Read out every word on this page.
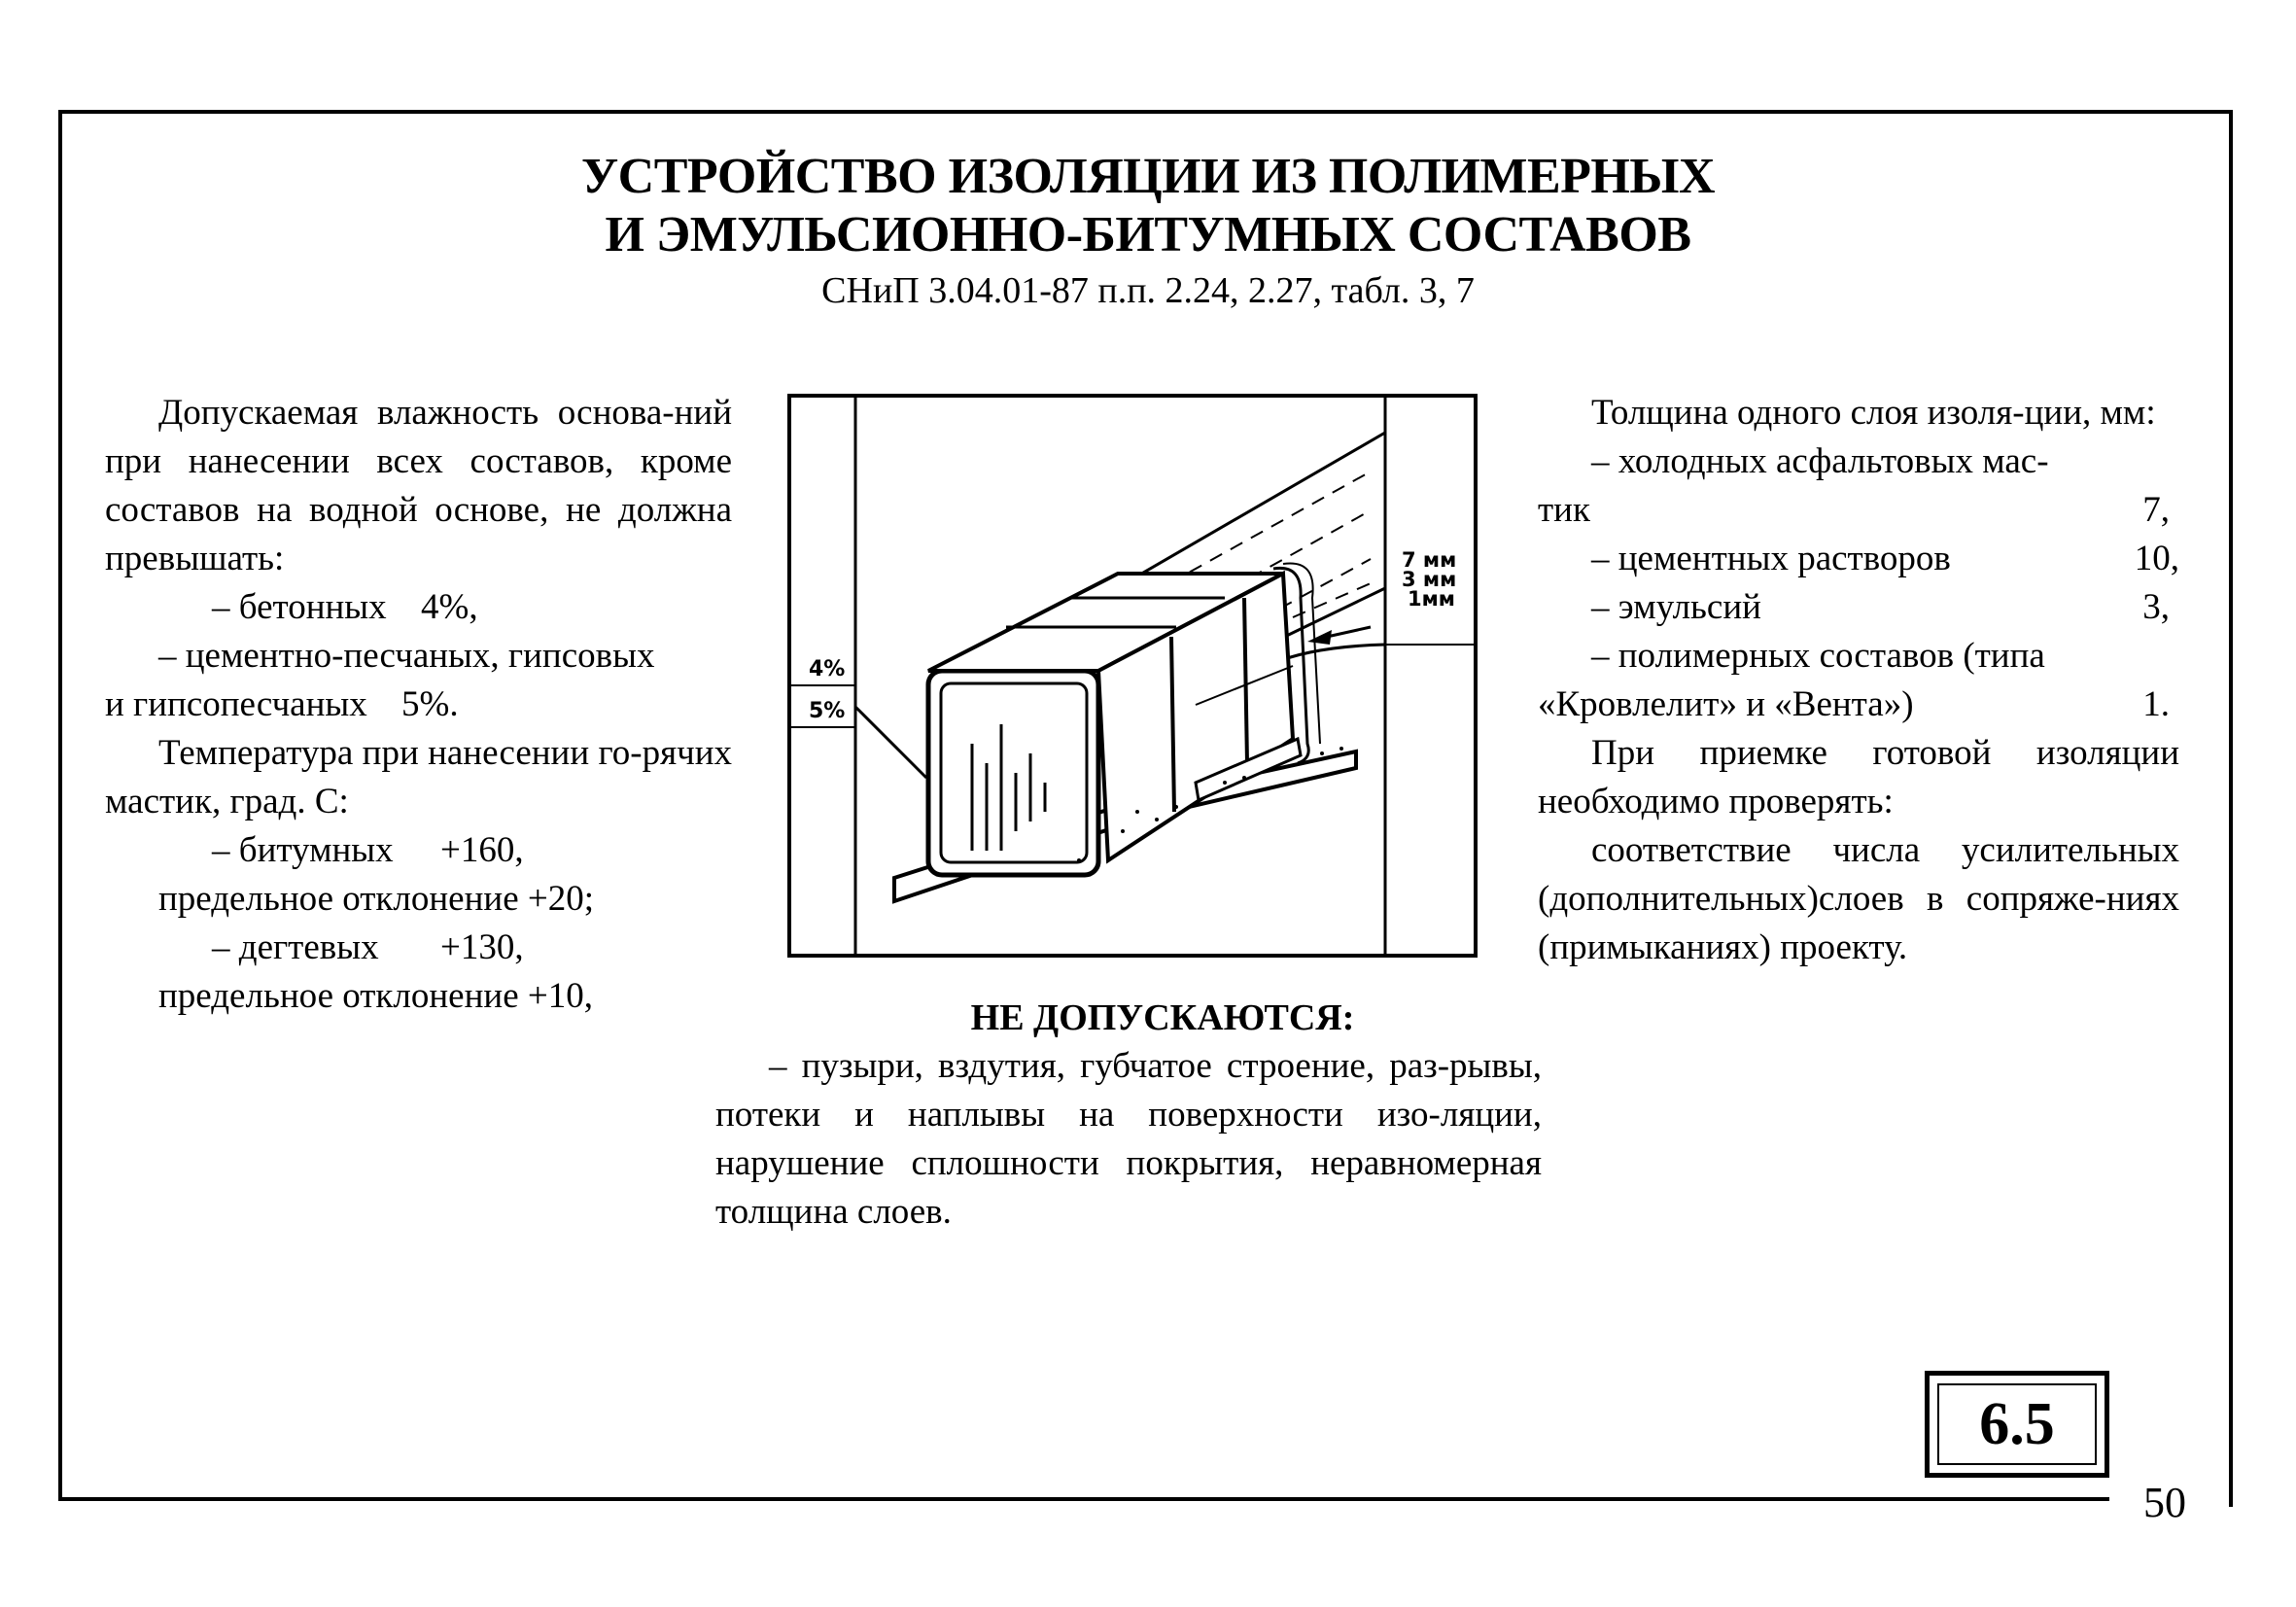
УСТРОЙСТВО ИЗОЛЯЦИИ ИЗ ПОЛИМЕРНЫХ
И ЭМУЛЬСИОННО-БИТУМНЫХ СОСТАВОВ
СНиП 3.04.01-87 п.п. 2.24, 2.27, табл. 3, 7

Допускаемая влажность основа-ний при нанесении всех составов, кроме составов на водной основе, не должна превышать:

– бетонных 4%,

– цементно-песчаных, гипсовых

и гипсопесчаных 5%.

Температура при нанесении го-рячих мастик, град. С:

– битумных +160,

предельное отклонение +20;

– дегтевых +130,

предельное отклонение +10,

4%
5%
7 мм
3 мм
1мм
НЕ ДОПУСКАЮТСЯ:

– пузыри, вздутия, губчатое строение, раз-рывы, потеки и наплывы на поверхности изо-ляции, нарушение сплошности покрытия, неравномерная толщина слоев.

Толщина одного слоя изоля-ции, мм:

– холодных асфальтовых мас-

тик	7,

– цементных растворов	10,

– эмульсий	3,

– полимерных составов (типа

«Кровлелит» и «Вента»)	1.

При приемке готовой изоляции необходимо проверять:

соответствие числа усилительных (дополнительных)слоев в сопряже-ниях (примыканиях) проекту.

6.5
50
